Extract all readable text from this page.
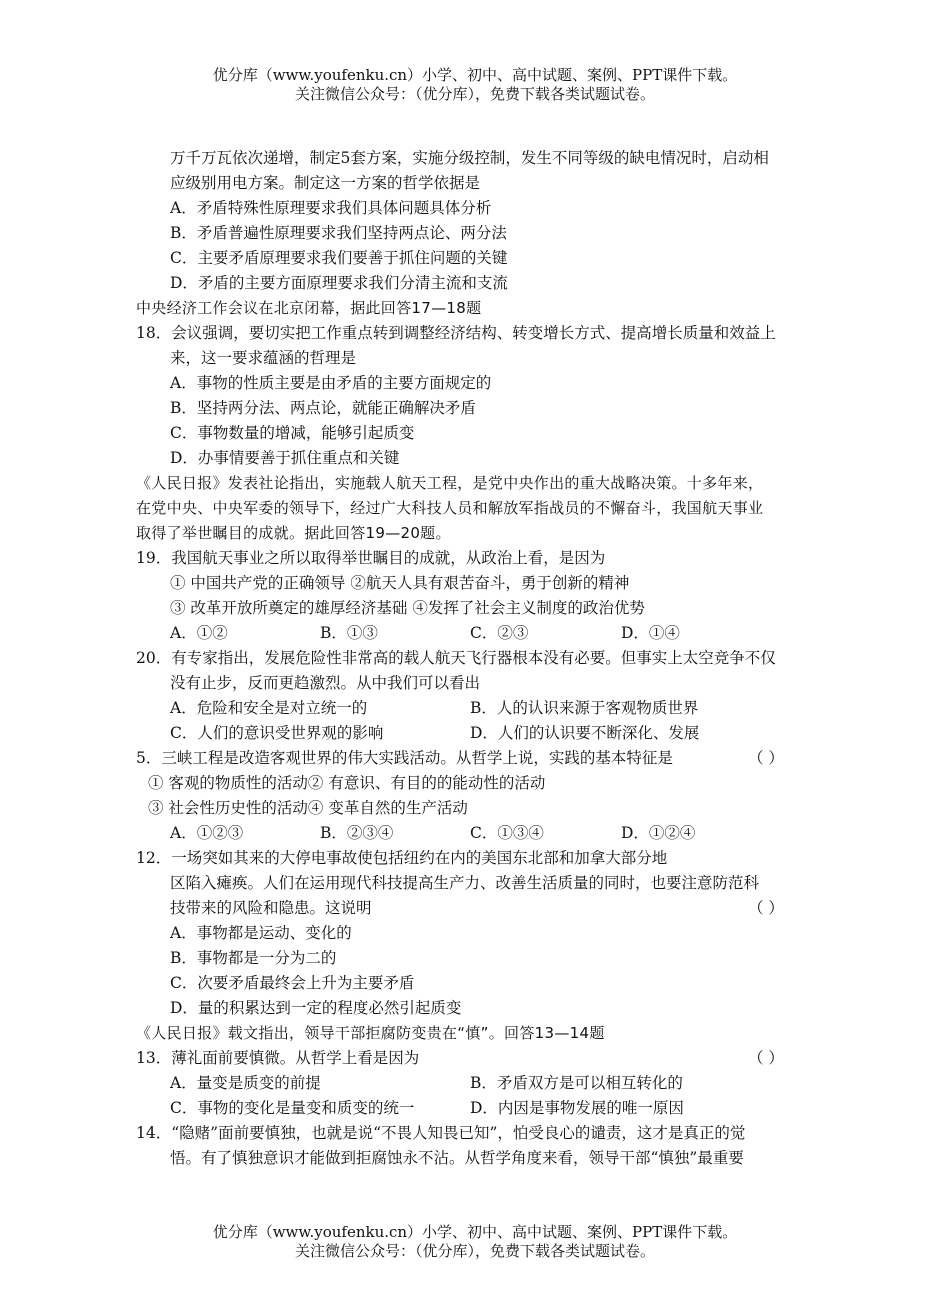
优分库（www.youfenku.cn）小学、初中、高中试题、案例、PPT课件下载。
关注微信公众号：（优分库），免费下载各类试题试卷。
万千万瓦依次递增，制定5套方案，实施分级控制，发生不同等级的缺电情况时，启动相
应级别用电方案。制定这一方案的哲学依据是
A．矛盾特殊性原理要求我们具体问题具体分析
B．矛盾普遍性原理要求我们坚持两点论、两分法
C．主要矛盾原理要求我们要善于抓住问题的关键
D．矛盾的主要方面原理要求我们分清主流和支流
中央经济工作会议在北京闭幕，据此回答17—18题
18．会议强调，要切实把工作重点转到调整经济结构、转变增长方式、提高增长质量和效益上
来，这一要求蕴涵的哲理是
A．事物的性质主要是由矛盾的主要方面规定的
B．坚持两分法、两点论，就能正确解决矛盾
C．事物数量的增减，能够引起质变
D．办事情要善于抓住重点和关键
《人民日报》发表社论指出，实施载人航天工程，是党中央作出的重大战略决策。十多年来，
在党中央、中央军委的领导下，经过广大科技人员和解放军指战员的不懈奋斗，我国航天事业
取得了举世瞩目的成就。据此回答19—20题。
19．我国航天事业之所以取得举世瞩目的成就，从政治上看，是因为
① 中国共产党的正确领导 ②航天人具有艰苦奋斗，勇于创新的精神
③ 改革开放所奠定的雄厚经济基础 ④发挥了社会主义制度的政治优势
A．①②	B．①③	C．②③	D．①④
20．有专家指出，发展危险性非常高的载人航天飞行器根本没有必要。但事实上太空竞争不仅
没有止步，反而更趋激烈。从中我们可以看出
A．危险和安全是对立统一的	B．人的认识来源于客观物质世界
C．人们的意识受世界观的影响	D．人们的认识要不断深化、发展
5．三峡工程是改造客观世界的伟大实践活动。从哲学上说，实践的基本特征是	（ ）
① 客观的物质性的活动② 有意识、有目的的能动性的活动
③ 社会性历史性的活动④ 变革自然的生产活动
A．①②③	B．②③④	C．①③④	D．①②④
12．一场突如其来的大停电事故使包括纽约在内的美国东北部和加拿大部分地
区陷入瘫痪。人们在运用现代科技提高生产力、改善生活质量的同时，也要注意防范科
技带来的风险和隐患。这说明	（ ）
A．事物都是运动、变化的
B．事物都是一分为二的
C．次要矛盾最终会上升为主要矛盾
D．量的积累达到一定的程度必然引起质变
《人民日报》载文指出，领导干部拒腐防变贵在“慎”。回答13—14题
13．薄礼面前要慎微。从哲学上看是因为	（ ）
A．量变是质变的前提	B．矛盾双方是可以相互转化的
C．事物的变化是量变和质变的统一	D．内因是事物发展的唯一原因
14．“隐赌”面前要慎独，也就是说“不畏人知畏已知”，怕受良心的谴责，这才是真正的觉
悟。有了慎独意识才能做到拒腐蚀永不沾。从哲学角度来看，领导干部“慎独”最重要
优分库（www.youfenku.cn）小学、初中、高中试题、案例、PPT课件下载。
关注微信公众号：（优分库），免费下载各类试题试卷。
